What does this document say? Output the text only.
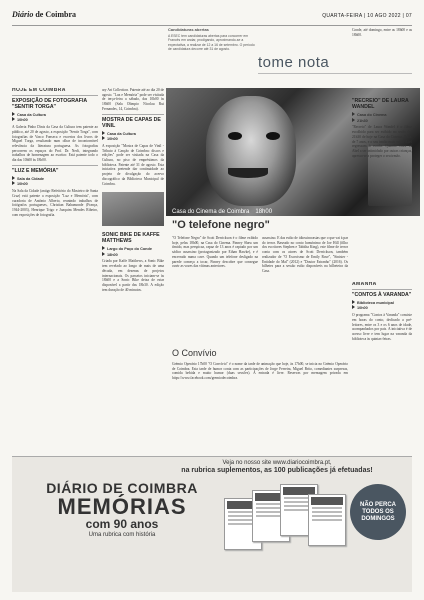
Diário de Coimbra	QUARTA-FEIRA | 10 AGO 2022 | 07
Candidaturas abertas
A ESEC tem candidaturas abertas para concorrer em Francês em andar, prodigando, aproximando-se a expectativa, a realizar de 12 a 16 de setembro. O período de candidatura decorre até 31 de agosto.
tome nota
HOJE EM COIMBRA
EXPOSIÇÃO DE FOTOGRAFIA "SENTIR TORGA"
Casa da Cultura
10h00

A Galeria Pinho Dinis da Casa da Cultura tem patente ao público, até 20 de agosto, a exposição "Sentir Torga", com fotografias de Vasco Fonseca e excertos dos livros de Miguel Torga, resultando num olhar de incontornável relevância da literatura portuguesa. As fotografias percorrem os espaços do Prof. Dr. Nerli, integrando trabalhos de homenagem ao escritor. Está patente todo o dia das 10h00 às 18h00.

"LUZ E MEMÓRIA"
Sala da Cidade
10h00

Na Sala da Cidade (antigo Refeitório do Mosteiro de Santa Cruz) está patente a exposição "Luz e Memória", com curadoria de António Alberto, reunindo trabalhos de fotógrafos portugueses, Christian Bahamonde (França, 1944-2003), Henrique Trigo e Joaquim Mendes Ribeiro, com exposições de fotografia.

ary Art Collection. Patente até ao dia 20 de agosto. "Luz e Memória" pode ser visitada de terça-feira a sábado, das 10h00 às 18h00 (Sala Olimpio Nicolau Rui Fernandes, 14, Coimbra).

MOSTRA DE CAPAS DE VINIL
Casa da Cultura
10h00

A exposição "Mostra de Capas de Vinil - Tributo à Canção de Coimbra: discos e edições" pode ser visitada na Casa da Cultura, no piso de empréstimos da biblioteca. Patente até 31 de agosto. Esta iniciativa pretende dar continuidade ao projeto de divulgação do acervo discográfico da Biblioteca Municipal de Coimbra.

SONIC BIKE DE KAFFE MATTHEWS
Largo do Paço do Conde
18h00

Criada por Kaffe Matthews, a Sonic Bike tem revelado ao longo de mais de uma década, em dezenas de projetos internacionais. Os passeios iniciam-se às 18h00 e a Sonic Bike deixa de estar disponível a partir das 18h30. A edição tem duração de 40 minutos.

Casa do Cinema de Coimbra 18h00
"O telefone negro"

"O Telefone Negro" de Scott Derrickson é o filme exibido hoje, pelas 18h00, na Casa do Cinema. Finney Shaw um tímido, mas perspicaz, rapaz de 13 anos é raptado por um sádico assassino (protagonizado por Ethan Hawke), e é encerrado numa cave. Quando um telefone desligado na parede começa a tocar, Finney descobre que consegue ouvir as vozes das vítimas anteriores.

assassino. É das estão de idiossincrasias que o que vai à par do terror. Baseado no conto homónimo de Joe Hill (filho dos escritores Stephen e Tabitha King), este filme de terror conta com os atores de Scott Derrickson, também realizador de "O Exorcismo de Emily Rose", "Sinister - Entidade do Mal" (2012) e "Doutor Estranho" (2016). Os bilhetes para a sessão estão disponíveis na bilheteira da Casa.

Conde, até domingo, entre as 18h00 e as 18h00.

"RECREIO" DE LAURA WANDEL
Casa do Cinema
21h30

"Recreio" de Laura Wandel é o filme escolhido para ser exibido no serão das 21h30 de hoje na Casa do Cinema. Nora, de 7 anos, e o seu irmão mais velho Abel regressam à escola. Quando Nora vê Abel a ser intimidado por outras crianças, apressa-se a proteger o seu irmão.

AMANHÃ
"CONTOS À VARANDA"
Biblioteca municipal
10h00

O programa "Contos à Varanda" consiste em horas do conto, dedicado a pré-leitores, entre os 3 e os 6 anos de idade, acompanhados por pais. A iniciativa é de acesso livre e tem lugar na varanda da biblioteca às quintas-feiras.

O Convívio

Grémio Operário 17h00 "O Convívio" é o nome da tarde de animação que hoje, às 17h00, se inicia no Grémio Operário de Coimbra. Esta tarde de humor conta com as participações de Jorge Ferreira, Miguel Brito, comediantes surpresas, comida bebida e muito humor (duas sessões). A entrada é livre. Reservas por mensagem privada em https://www.facebook.com/gremiodecoimbra.

Veja no nosso site www.diariocoimbra.pt,
na rubrica suplementos, as 100 publicações já efetuadas!
DIÁRIO DE COIMBRA
MEMÓRIAS
com 90 anos
Uma rubrica com história
NÃO PERCA TODOS OS DOMINGOS
